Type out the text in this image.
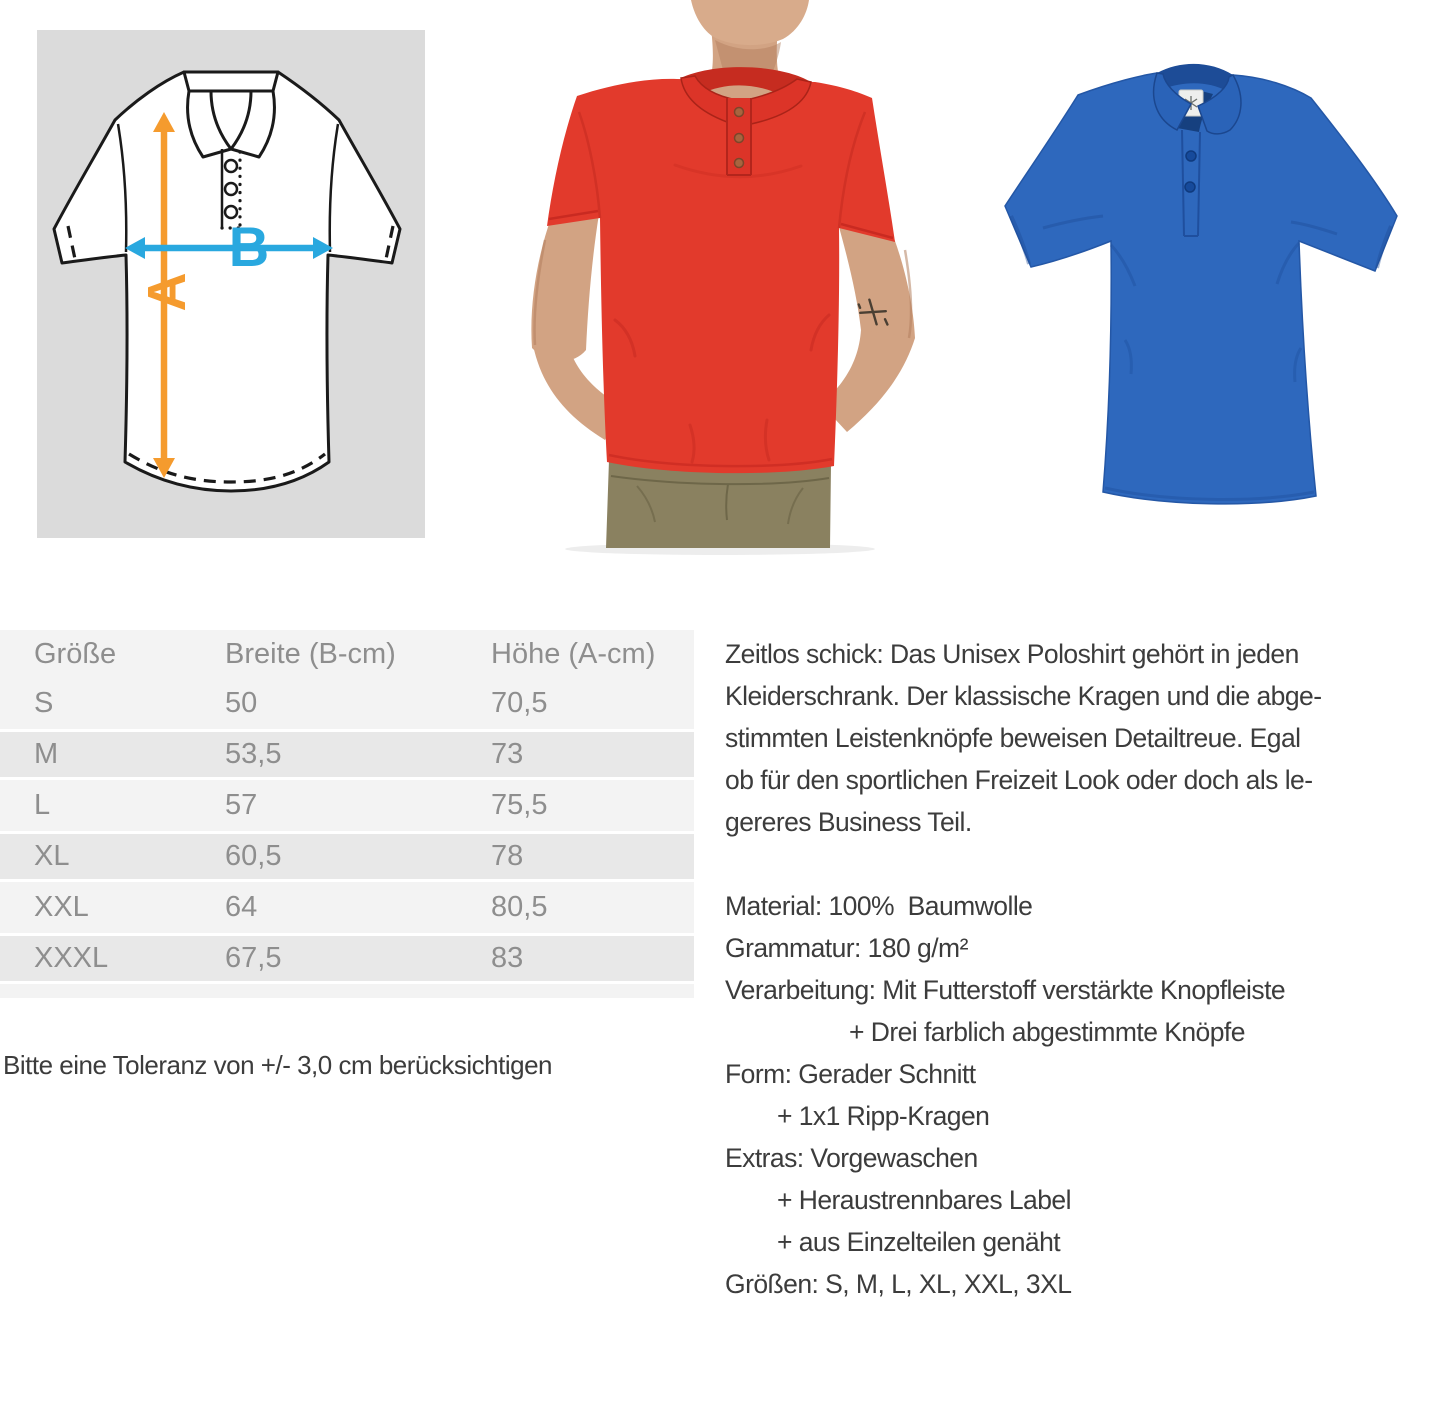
A
B
Größe	Breite (B-cm)	Höhe (A-cm)
S	50	70,5
M	53,5	73
L	57	75,5
XL	60,5	78
XXL	64	80,5
XXXL	67,5	83
Bitte eine Toleranz von +/- 3,0 cm berücksichtigen
Zeitlos schick: Das Unisex Poloshirt gehört in jeden
Kleiderschrank. Der klassische Kragen und die abge-
stimmten Leistenknöpfe beweisen Detailtreue. Egal
ob für den sportlichen Freizeit Look oder doch als le-
gereres Business Teil.
Material: 100%  Baumwolle
Grammatur: 180 g/m²
Verarbeitung: Mit Futterstoff verstärkte Knopfleiste
+ Drei farblich abgestimmte Knöpfe
Form: Gerader Schnitt
+ 1x1 Ripp-Kragen
Extras: Vorgewaschen
+ Heraustrennbares Label
+ aus Einzelteilen genäht
Größen: S, M, L, XL, XXL, 3XL
